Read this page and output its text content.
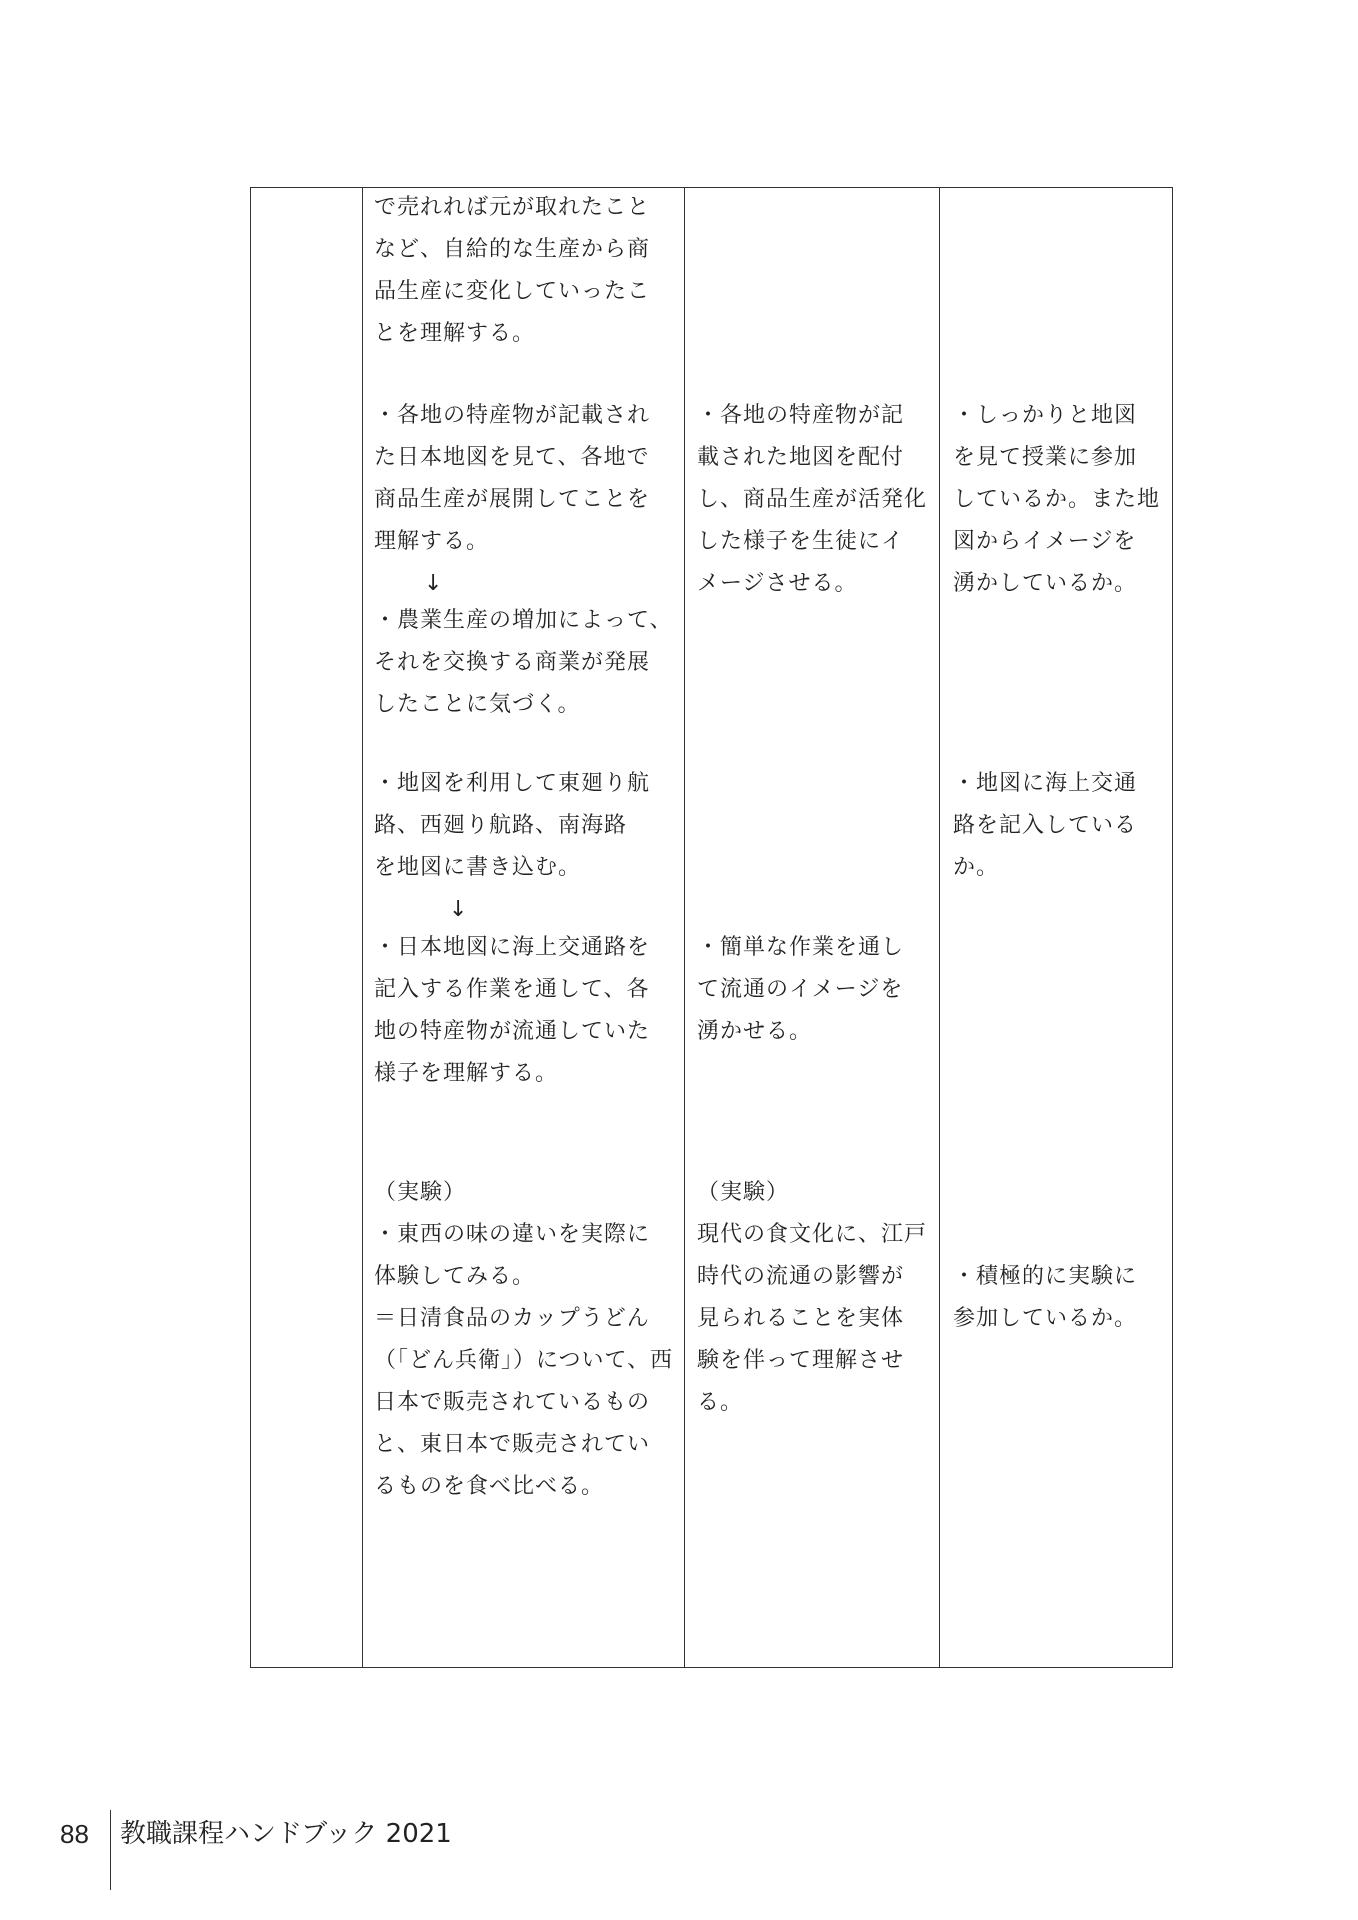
で売れれば元が取れたこと
など、自給的な生産から商
品生産に変化していったこ
とを理解する。
・各地の特産物が記載され
た日本地図を見て、各地で
商品生産が展開してことを
理解する。
↓
・農業生産の増加によって、
それを交換する商業が発展
したことに気づく。
・地図を利用して東廻り航
路、西廻り航路、南海路
を地図に書き込む。
↓
・日本地図に海上交通路を
記入する作業を通して、各
地の特産物が流通していた
様子を理解する。
（実験）
・東西の味の違いを実際に
体験してみる。
＝日清食品のカップうどん
（「どん兵衛」）について、西
日本で販売されているもの
と、東日本で販売されてい
るものを食べ比べる。
・各地の特産物が記
載された地図を配付
し、商品生産が活発化
した様子を生徒にイ
メージさせる。
・簡単な作業を通し
て流通のイメージを
湧かせる。
（実験）
現代の食文化に、江戸
時代の流通の影響が
見られることを実体
験を伴って理解させ
る。
・しっかりと地図
を見て授業に参加
しているか。また地
図からイメージを
湧かしているか。
・地図に海上交通
路を記入している
か。
・積極的に実験に
参加しているか。
88 教職課程ハンドブック 2021
